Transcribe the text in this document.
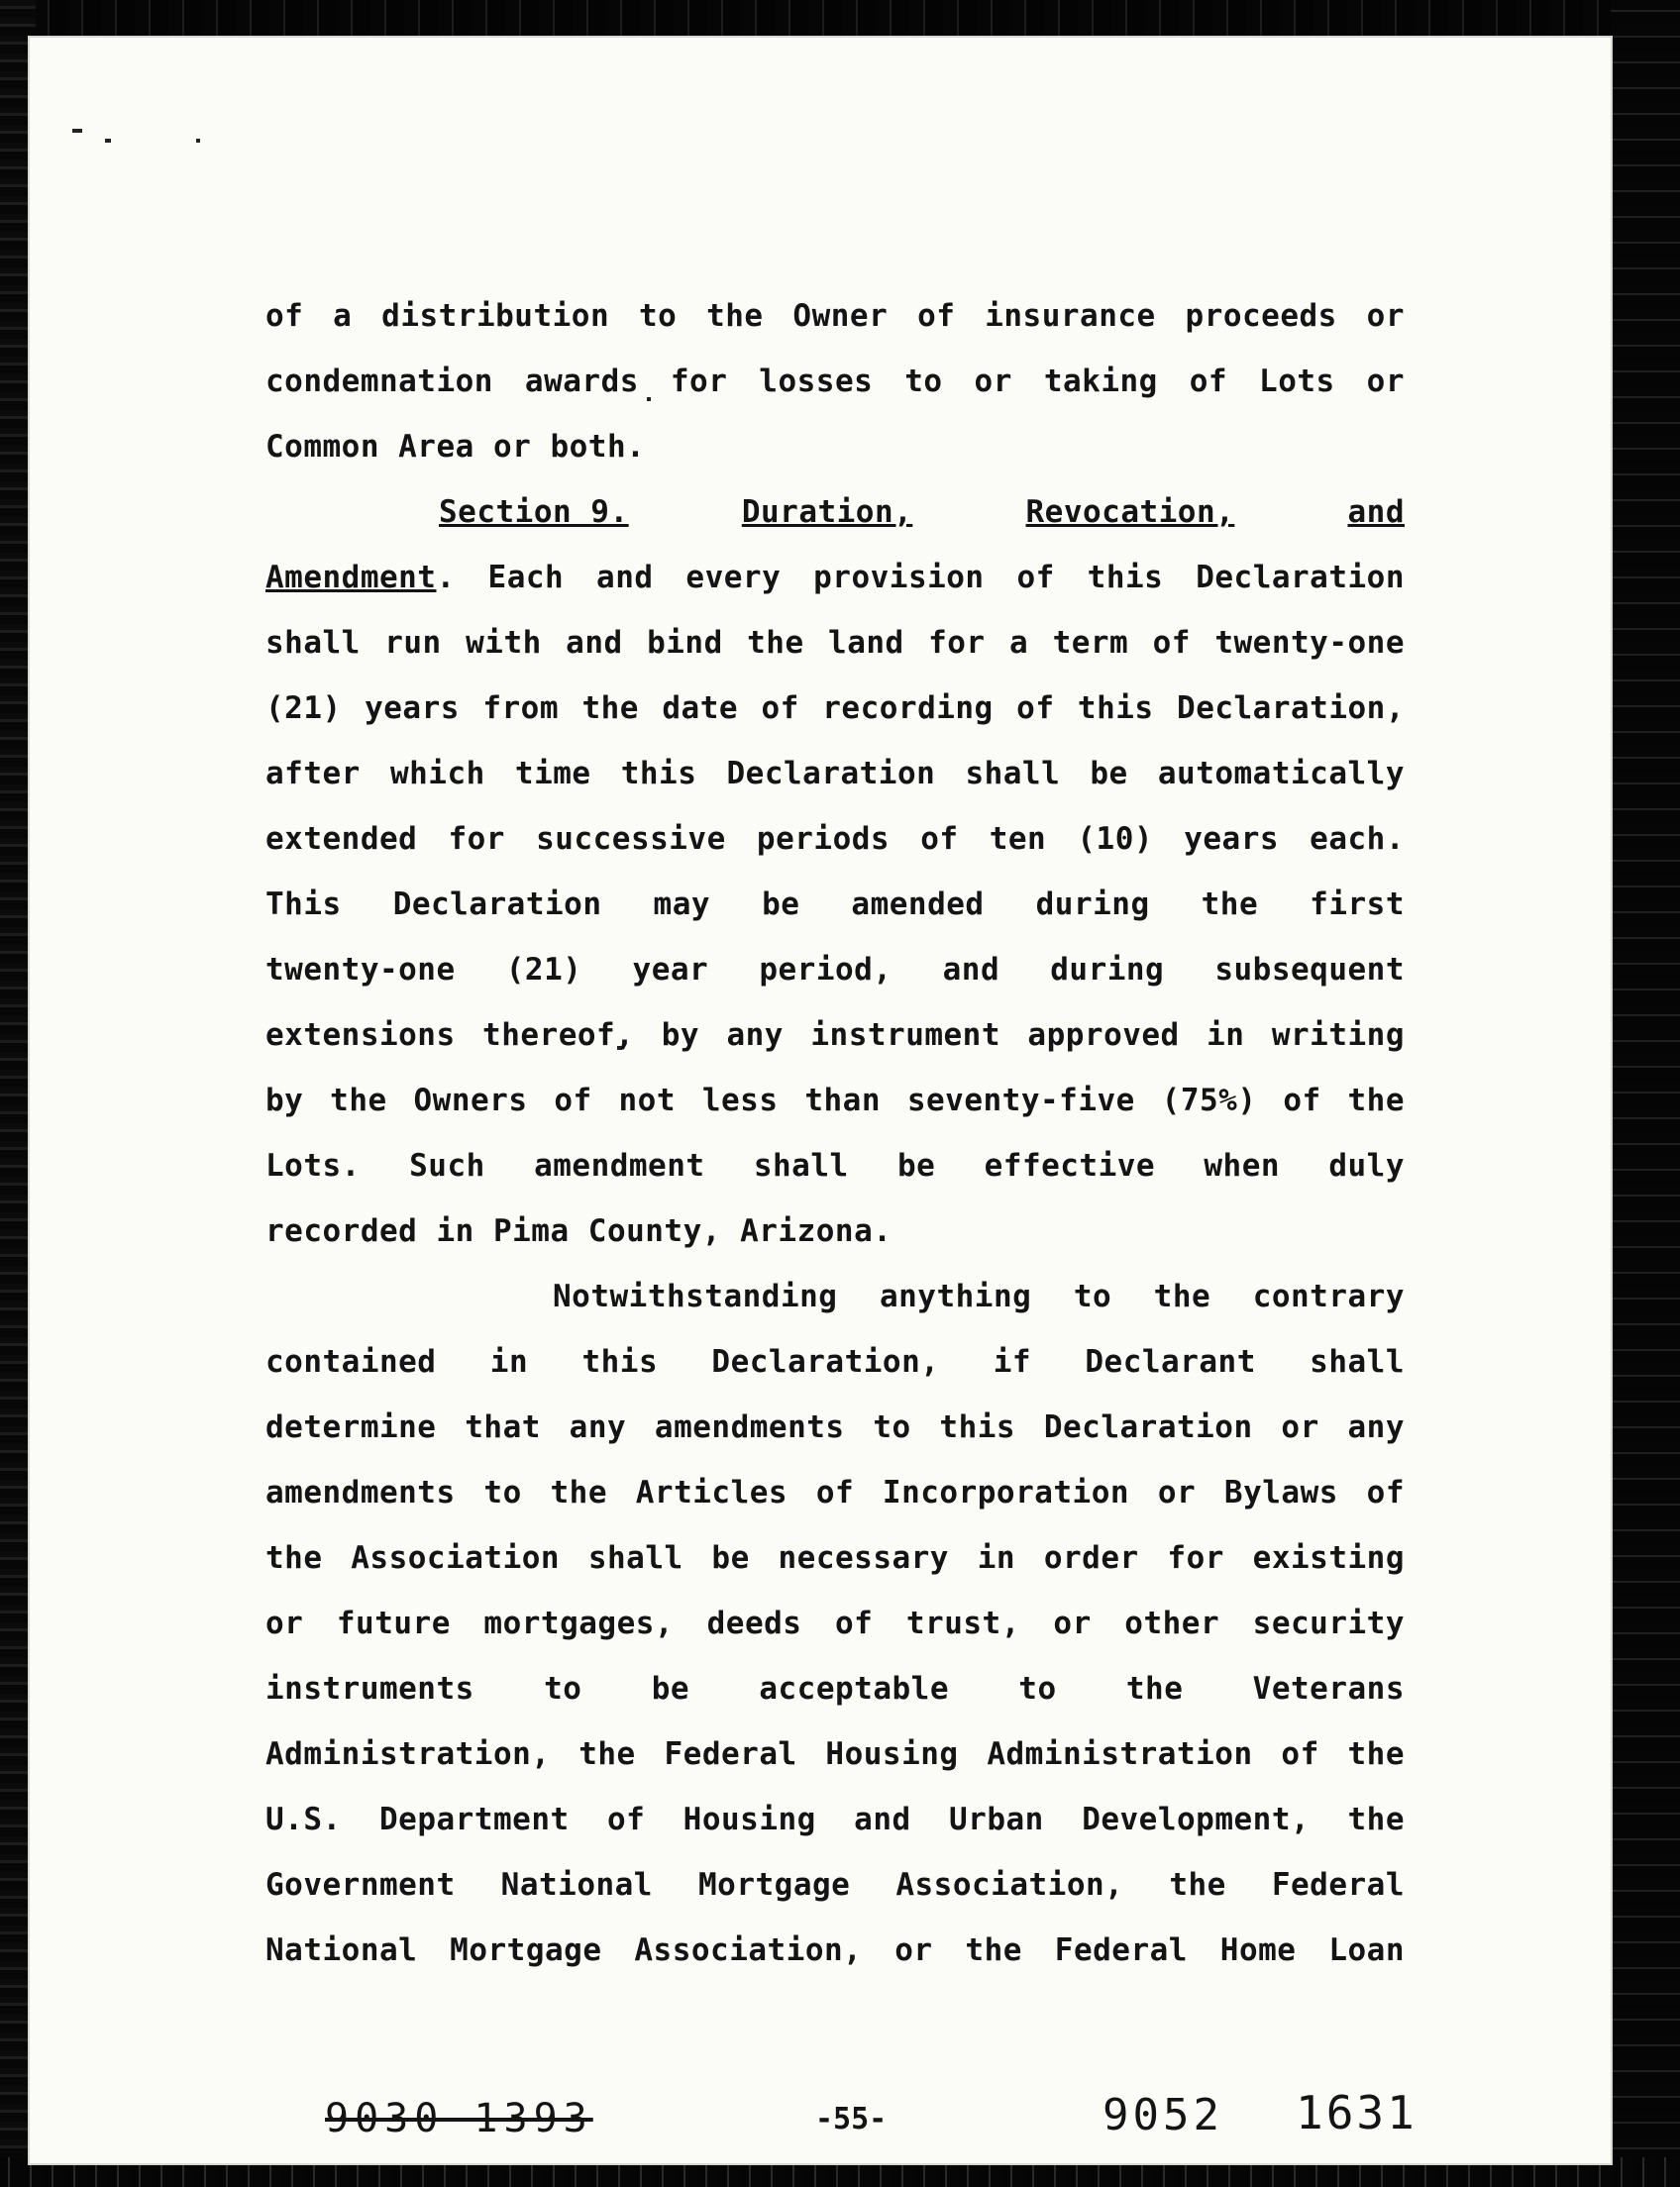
of a distribution to the Owner of insurance proceeds or
condemnation awards for losses to or taking of Lots or
Common Area or both.
Section 9.	Duration,	Revocation,	and
Amendment. Each and every provision of this Declaration
shall run with and bind the land for a term of twenty-one
(21) years from the date of recording of this Declaration,
after which time this Declaration shall be automatically
extended for successive periods of ten (10) years each.
This Declaration may be amended during the first
twenty-one (21) year period, and during subsequent
extensions thereof, by any instrument approved in writing
by the Owners of not less than seventy-five (75%) of the
Lots. Such amendment shall be effective when duly
recorded in Pima County, Arizona.
Notwithstanding anything to the contrary
contained in this Declaration, if Declarant shall
determine that any amendments to this Declaration or any
amendments to the Articles of Incorporation or Bylaws of
the Association shall be necessary in order for existing
or future mortgages, deeds of trust, or other security
instruments to be acceptable to the Veterans
Administration, the Federal Housing Administration of the
U.S. Department of Housing and Urban Development, the
Government National Mortgage Association, the Federal
National Mortgage Association, or the Federal Home Loan
9030 1393	-55-	9052 1631
